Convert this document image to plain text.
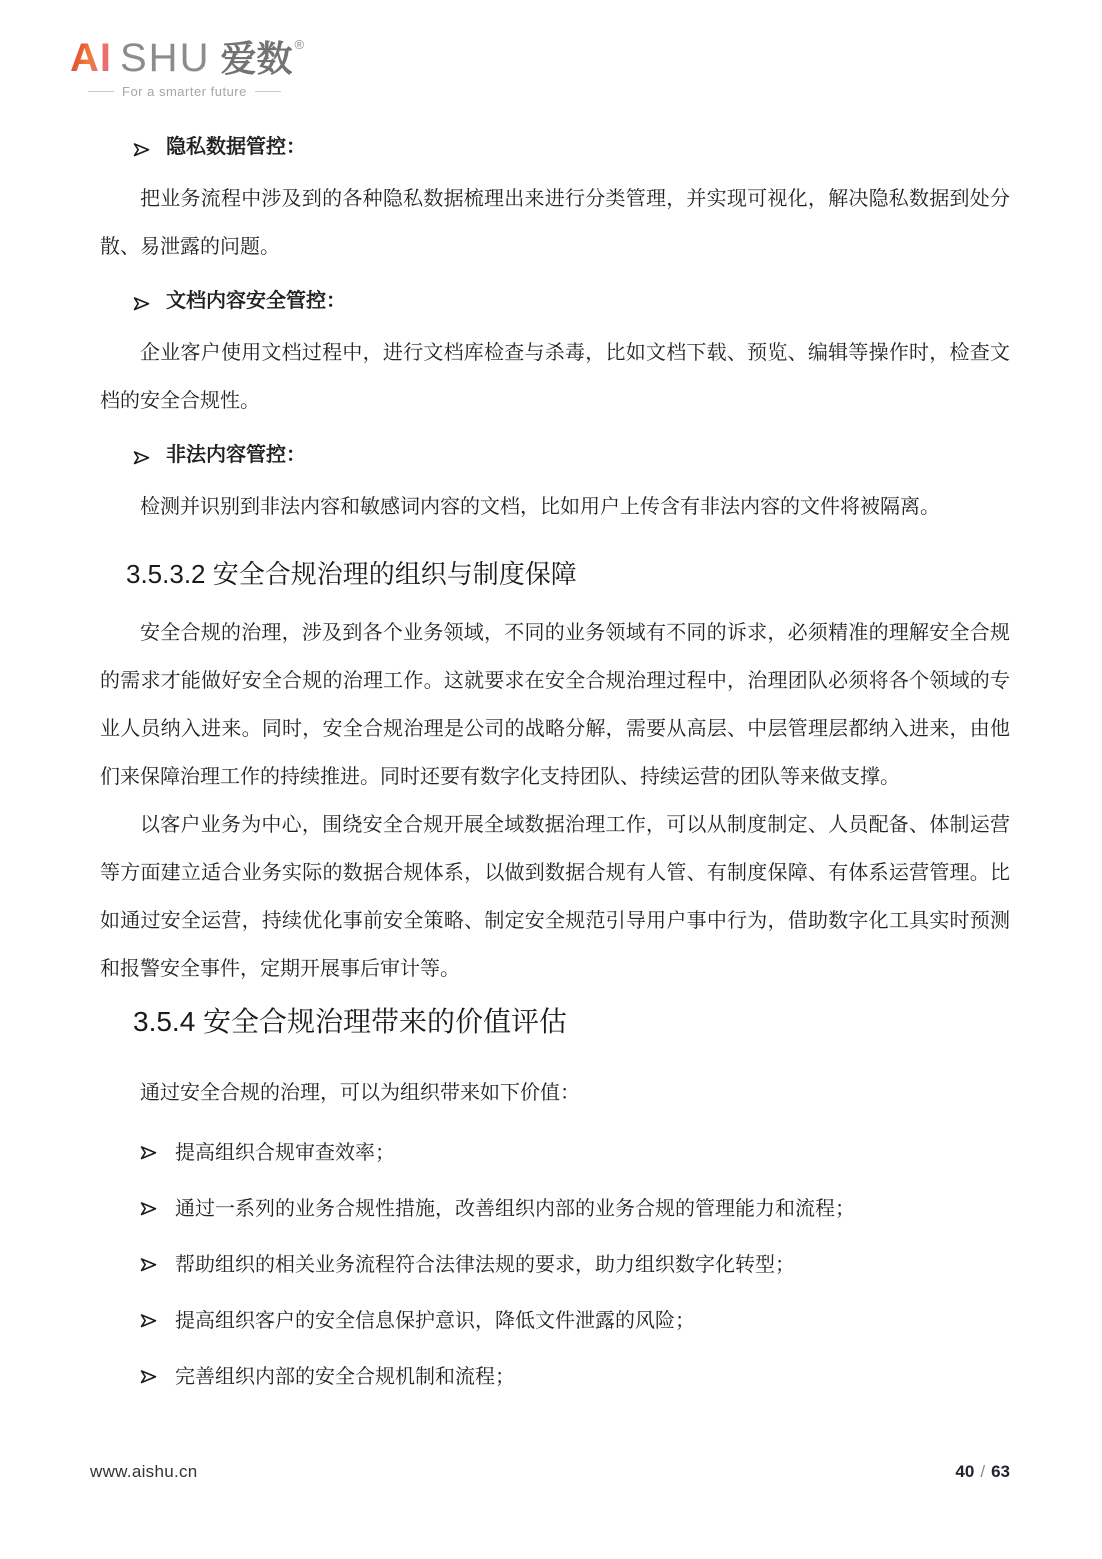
AI SHU 爱数 ®
For a smarter future
隐私数据管控：

把业务流程中涉及到的各种隐私数据梳理出来进行分类管理，并实现可视化，解决隐私数据到处分散、易泄露的问题。

文档内容安全管控：

企业客户使用文档过程中，进行文档库检查与杀毒，比如文档下载、预览、编辑等操作时，检查文档的安全合规性。

非法内容管控：

检测并识别到非法内容和敏感词内容的文档，比如用户上传含有非法内容的文件将被隔离。

3.5.3.2 安全合规治理的组织与制度保障

安全合规的治理，涉及到各个业务领域，不同的业务领域有不同的诉求，必须精准的理解安全合规的需求才能做好安全合规的治理工作。这就要求在安全合规治理过程中，治理团队必须将各个领域的专业人员纳入进来。同时，安全合规治理是公司的战略分解，需要从高层、中层管理层都纳入进来，由他们来保障治理工作的持续推进。同时还要有数字化支持团队、持续运营的团队等来做支撑。

以客户业务为中心，围绕安全合规开展全域数据治理工作，可以从制度制定、人员配备、体制运营等方面建立适合业务实际的数据合规体系，以做到数据合规有人管、有制度保障、有体系运营管理。比如通过安全运营，持续优化事前安全策略、制定安全规范引导用户事中行为，借助数字化工具实时预测和报警安全事件，定期开展事后审计等。

3.5.4 安全合规治理带来的价值评估

通过安全合规的治理，可以为组织带来如下价值：

提高组织合规审查效率；
通过一系列的业务合规性措施，改善组织内部的业务合规的管理能力和流程；
帮助组织的相关业务流程符合法律法规的要求，助力组织数字化转型；
提高组织客户的安全信息保护意识，降低文件泄露的风险；
完善组织内部的安全合规机制和流程；
www.aishu.cn	40 / 63
